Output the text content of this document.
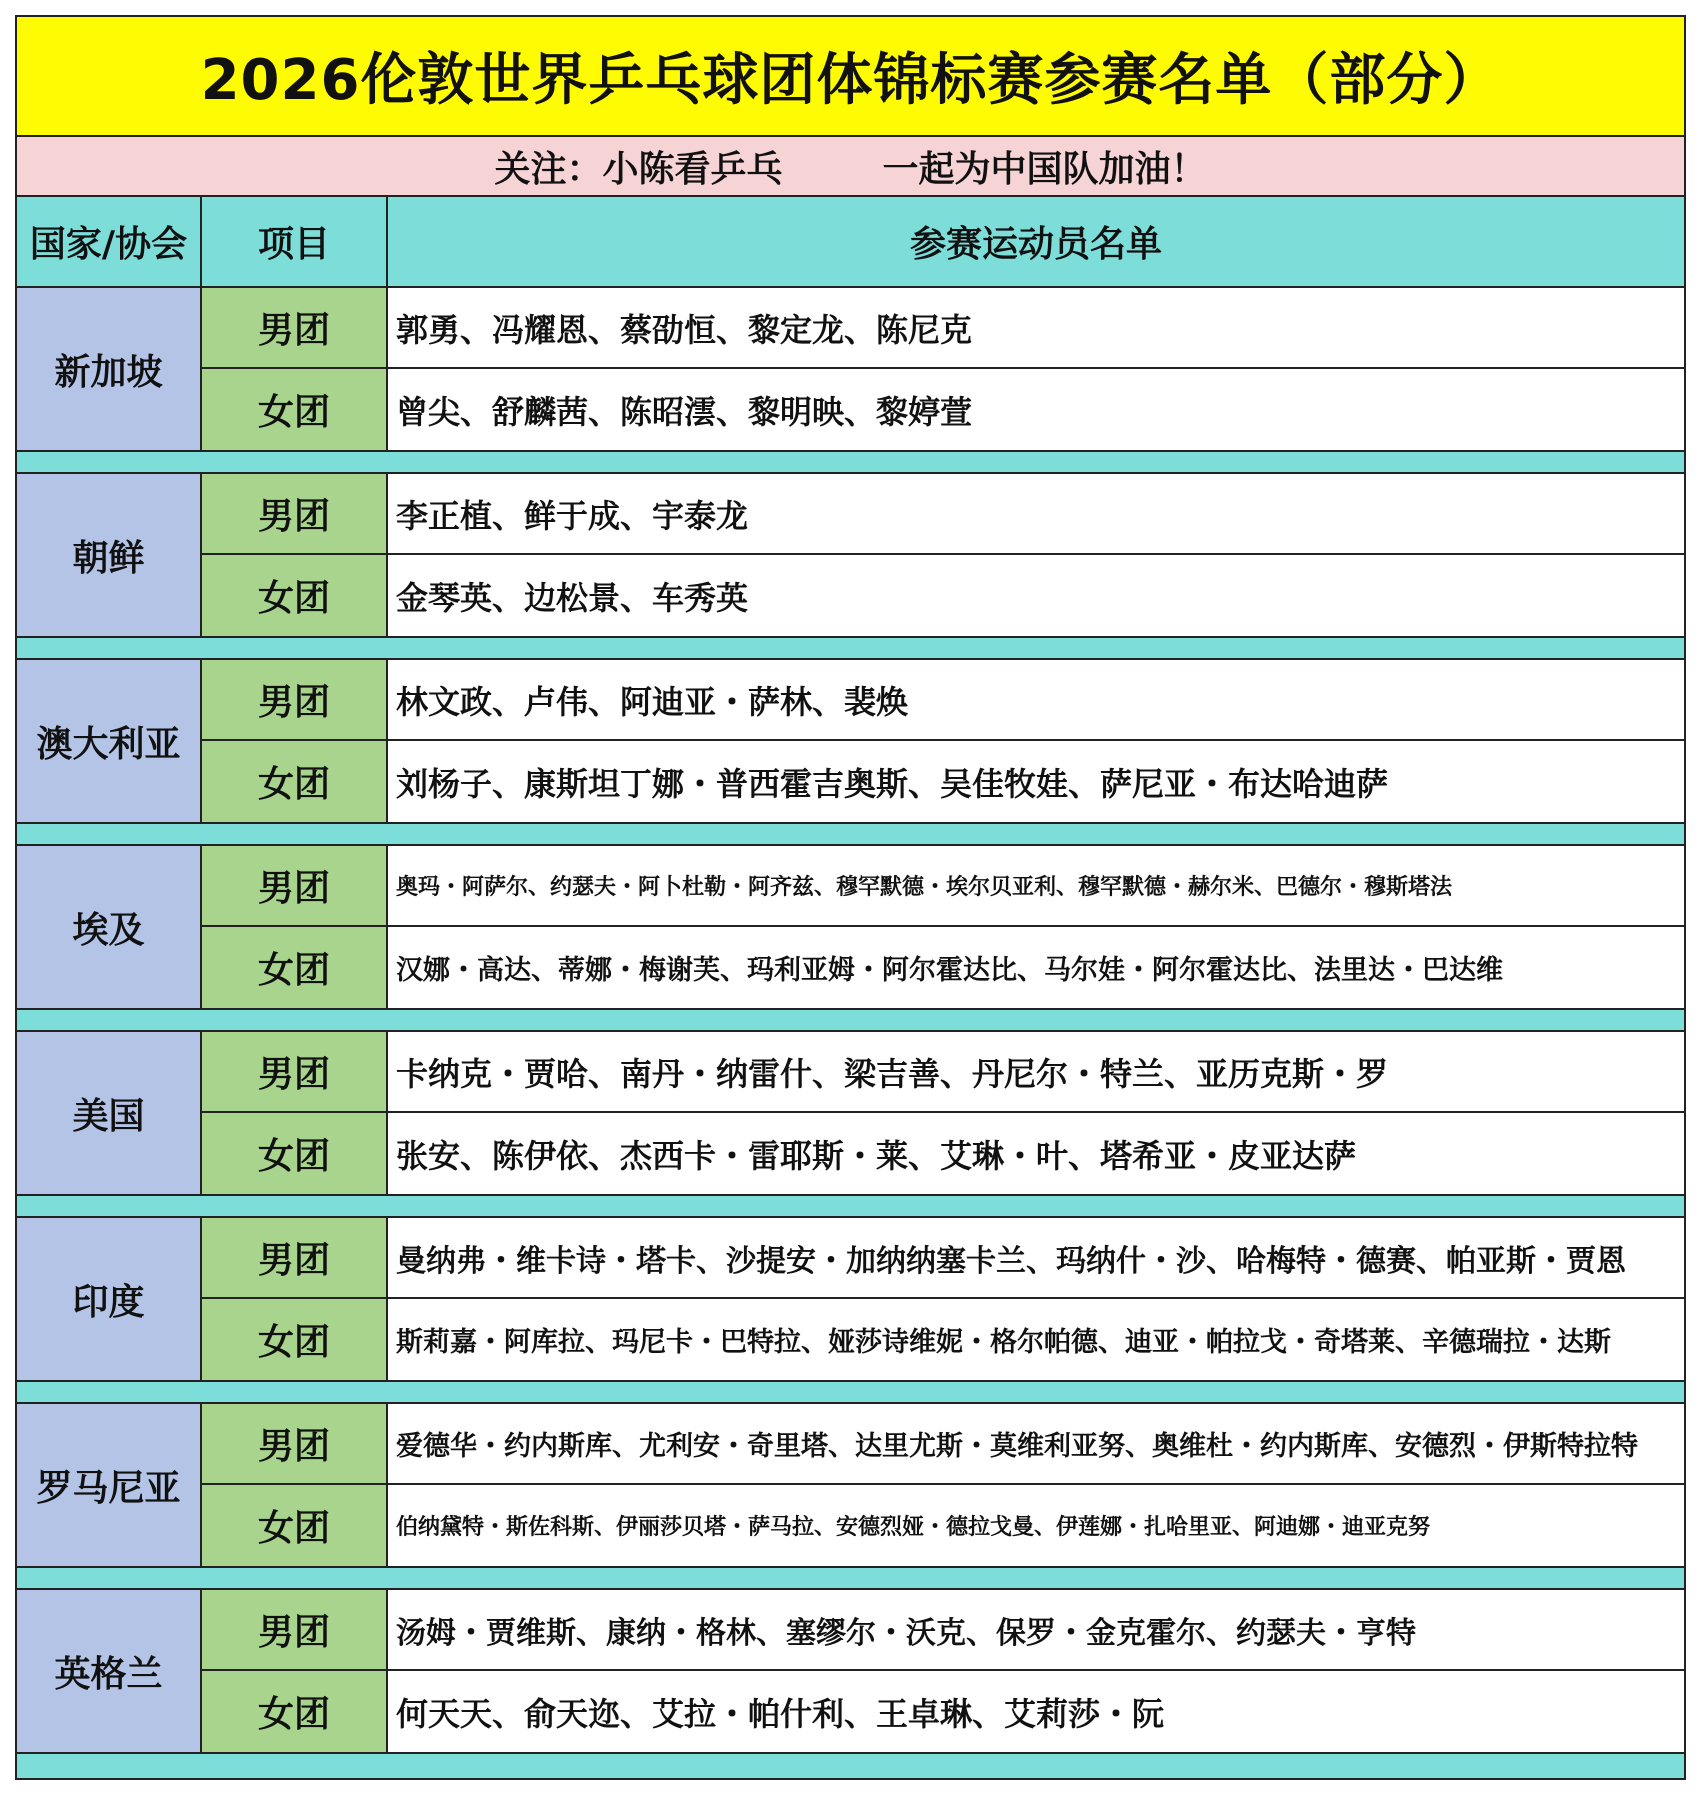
2026伦敦世界乒乓球团体锦标赛参赛名单（部分）
关注：小陈看乒乓	一起为中国队加油！
国家/协会	项目	参赛运动员名单
新加坡
男团	郭勇、冯耀恩、蔡劭恒、黎定龙、陈尼克
女团	曾尖、舒麟茜、陈昭澐、黎明映、黎婷萱
朝鲜
男团	李正植、鲜于成、宇泰龙
女团	金琴英、边松景、车秀英
澳大利亚
男团	林文政、卢伟、阿迪亚・萨林、裴焕
女团	刘杨子、康斯坦丁娜・普西霍吉奥斯、吴佳牧娃、萨尼亚・布达哈迪萨
埃及
男团	奥玛・阿萨尔、约瑟夫・阿卜杜勒・阿齐兹、穆罕默德・埃尔贝亚利、穆罕默德・赫尔米、巴德尔・穆斯塔法
女团	汉娜・高达、蒂娜・梅谢芙、玛利亚姆・阿尔霍达比、马尔娃・阿尔霍达比、法里达・巴达维
美国
男团	卡纳克・贾哈、南丹・纳雷什、梁吉善、丹尼尔・特兰、亚历克斯・罗
女团	张安、陈伊依、杰西卡・雷耶斯・莱、艾琳・叶、塔希亚・皮亚达萨
印度
男团	曼纳弗・维卡诗・塔卡、沙提安・加纳纳塞卡兰、玛纳什・沙、哈梅特・德赛、帕亚斯・贾恩
女团	斯莉嘉・阿库拉、玛尼卡・巴特拉、娅莎诗维妮・格尔帕德、迪亚・帕拉戈・奇塔莱、辛德瑞拉・达斯
罗马尼亚
男团	爱德华・约内斯库、尤利安・奇里塔、达里尤斯・莫维利亚努、奥维杜・约内斯库、安德烈・伊斯特拉特
女团	伯纳黛特・斯佐科斯、伊丽莎贝塔・萨马拉、安德烈娅・德拉戈曼、伊莲娜・扎哈里亚、阿迪娜・迪亚克努
英格兰
男团	汤姆・贾维斯、康纳・格林、塞缪尔・沃克、保罗・金克霍尔、约瑟夫・亨特
女团	何天天、俞天迩、艾拉・帕什利、王卓琳、艾莉莎・阮
